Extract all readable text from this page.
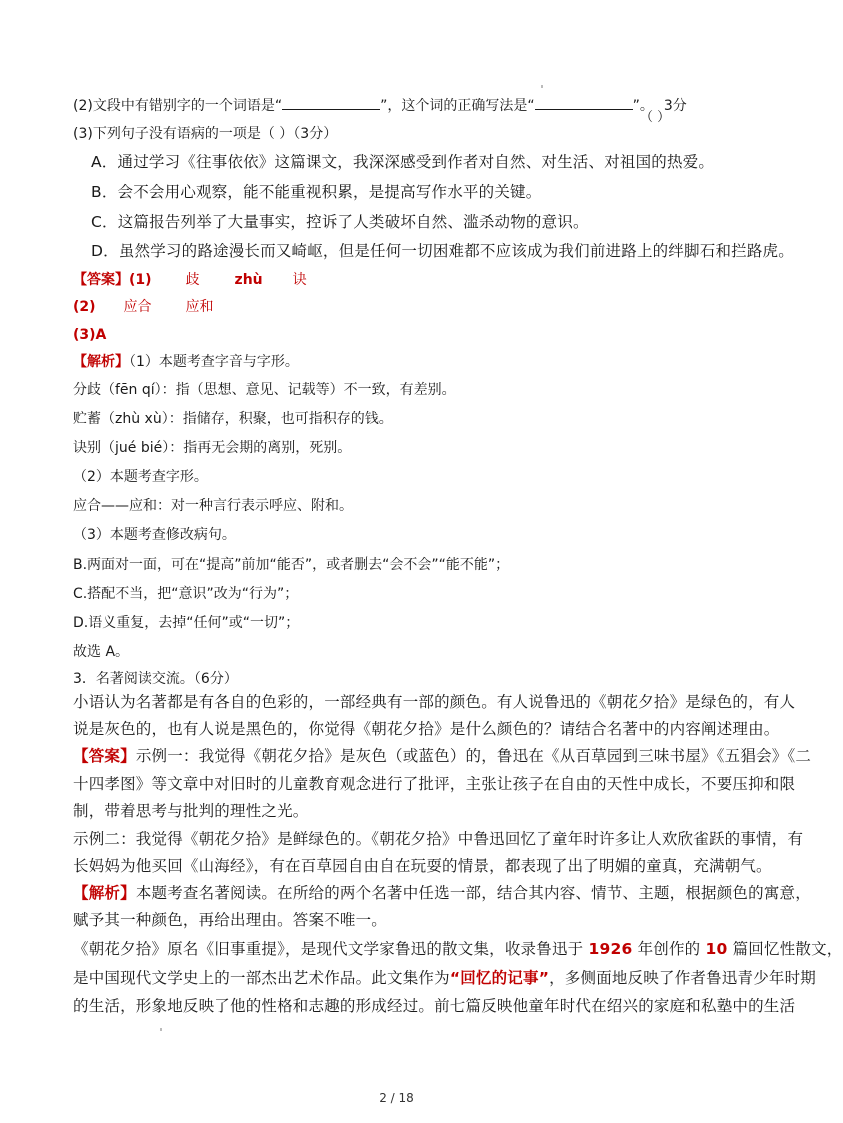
(2)文段中有错别字的一个词语是“	”，这个词的正确写法是“	”。 3分
（ ）
(3)下列句子没有语病的一项是（ ）（3分）
A．通过学习《往事依依》这篇课文，我深深感受到作者对自然、对生活、对祖国的热爱。
B．会不会用心观察，能不能重视积累，是提高写作水平的关键。
C．这篇报告列举了大量事实，控诉了人类破坏自然、滥杀动物的意识。
D．虽然学习的路途漫长而又崎岖，但是任何一切困难都不应该成为我们前进路上的绊脚石和拦路虎。
【答案】(1) 歧	zhù 诀
(2) 应合 应和
(3)A
【解析】（1）本题考查字音与字形。
分歧（fēn qí）：指（思想、意见、记载等）不一致，有差别。
贮蓄（zhù xù）：指储存，积聚，也可指积存的钱。
诀别（jué bié）：指再无会期的离别，死别。
（2）本题考查字形。
应合——应和：对一种言行表示呼应、附和。
（3）本题考查修改病句。
B.两面对一面，可在“提高”前加“能否”，或者删去“会不会”“能不能”；
C.搭配不当，把“意识”改为“行为”；
D.语义重复，去掉“任何”或“一切”；
故选 A。
3．名著阅读交流。（6分）
小语认为名著都是有各自的色彩的，一部经典有一部的颜色。有人说鲁迅的《朝花夕拾》是绿色的，有人
说是灰色的，也有人说是黑色的，你觉得《朝花夕拾》是什么颜色的？请结合名著中的内容阐述理由。
【答案】示例一：我觉得《朝花夕拾》是灰色（或蓝色）的，鲁迅在《从百草园到三味书屋》《五猖会》《二
十四孝图》等文章中对旧时的儿童教育观念进行了批评，主张让孩子在自由的天性中成长，不要压抑和限
制，带着思考与批判的理性之光。
示例二：我觉得《朝花夕拾》是鲜绿色的。《朝花夕拾》中鲁迅回忆了童年时许多让人欢欣雀跃的事情，有
长妈妈为他买回《山海经》，有在百草园自由自在玩耍的情景，都表现了出了明媚的童真，充满朝气。
【解析】本题考查名著阅读。在所给的两个名著中任选一部，结合其内容、情节、主题，根据颜色的寓意，
赋予其一种颜色，再给出理由。答案不唯一。
《朝花夕拾》原名《旧事重提》，是现代文学家鲁迅的散文集，收录鲁迅于 1926 年创作的 10 篇回忆性散文，
是中国现代文学史上的一部杰出艺术作品。此文集作为“回忆的记事”，多侧面地反映了作者鲁迅青少年时期
的生活，形象地反映了他的性格和志趣的形成经过。前七篇反映他童年时代在绍兴的家庭和私塾中的生活
2 / 18
